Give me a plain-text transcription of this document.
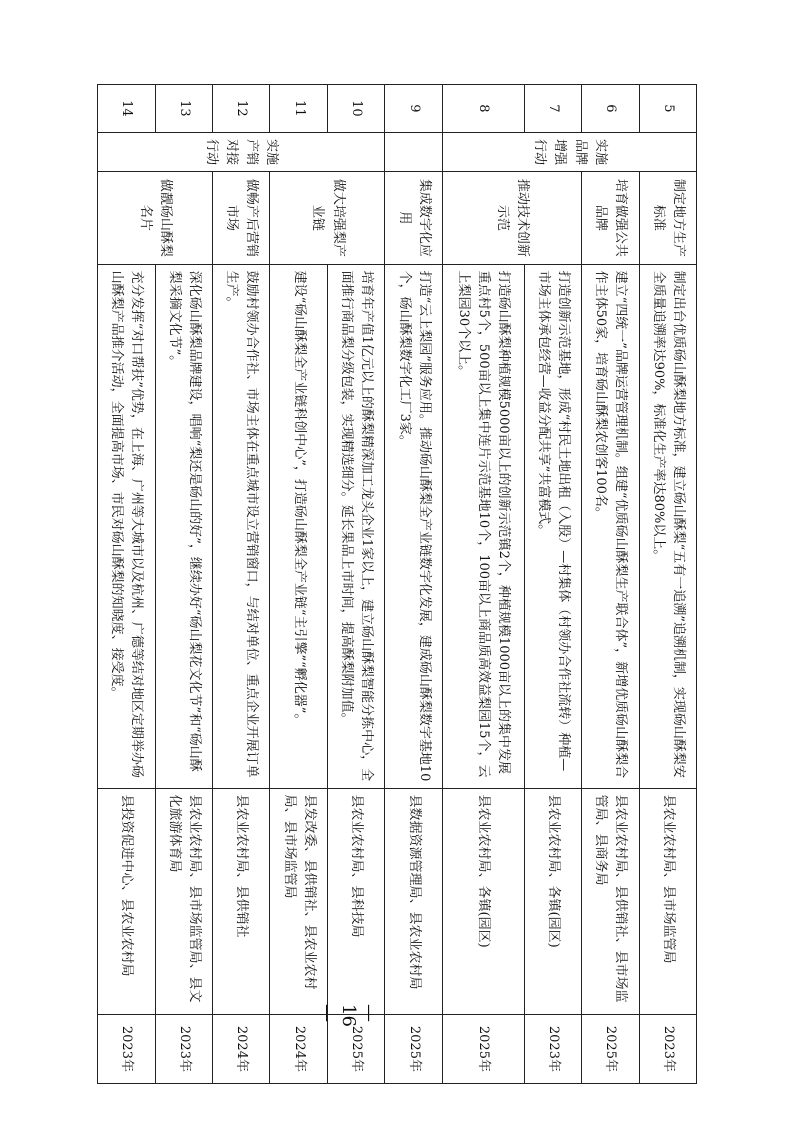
5	实施品牌增强行动	制定地方生产标准	制定出台优质砀山酥梨地方标准，建立砀山酥梨“五有一追溯”追溯机制，实现砀山酥梨安全质量追溯率达90%，标准化生产率达80%以上。	县农业农村局、县市场监管局	2023年
6		培育做强公共品牌	建立“四统一”品牌运营管理机制。组建“优质砀山酥梨生产联合体”，新增优质砀山酥梨合作主体50家，培育砀山酥梨农创客100名。	县农业农村局、县供销社、县市场监管局、县商务局	2025年
7		推动技术创新示范	打造创新示范基地，形成“村民土地出租（入股）—村集体（村领办合作社流转）种植—市场主体承包经营—收益分配共享”共富模式。	县农业农村局、各镇(园区)	2023年
8			打造砀山酥梨种植规模5000亩以上的创新示范镇2个，种植规模1000亩以上的集中发展重点村5个，500亩以上集中连片示范基地10个，100亩以上商品质高效益梨园15个，云上梨园30个以上。	县农业农村局、各镇(园区)	2025年
9		集成数字化应用	打造“云上梨园”服务应用。推动砀山酥梨全产业链数字化发展，建成砀山酥梨数字基地10个，砀山酥梨数字化工厂3家。	县数据资源管理局、县农业农村局	2025年
10	实施产销对接行动	做大培强梨产业链	培育年产值1亿元以上的酥梨精深加工龙头企业1家以上，建立砀山酥梨智能分拣中心，全面推行商品梨分级包装，实现精选细分。延长果品上市时间，提高酥梨附加值。	县农业农村局、县科技局	2025年
11			建设“砀山酥梨全产业链科创中心”，打造砀山酥梨全产业链“主引擎”“孵化器”。	县发改委、县供销社、县农业农村局、县市场监管局	2024年
12		做畅产后营销市场	鼓励村领办合作社、市场主体在重点城市设立营销窗口，与结对单位、重点企业开展订单生产。	县农业农村局、县供销社	2024年
13		做靓砀山酥梨名片	深化砀山酥梨品牌建设，唱响“梨还是砀山的好”，继续办好“砀山梨花文化节”和“砀山酥梨采摘文化节”。	县农业农村局、县市场监管局、县文化旅游体育局	2023年
14			充分发挥“对口帮扶”优势，在上海、广州等大城市以及杭州、广德等结对地区定期举办砀山酥梨产品推介活动，全面提高市场、市民对砀山酥梨的知晓度、接受度。	县投资促进中心、县农业农村局	2023年
— 16 —
